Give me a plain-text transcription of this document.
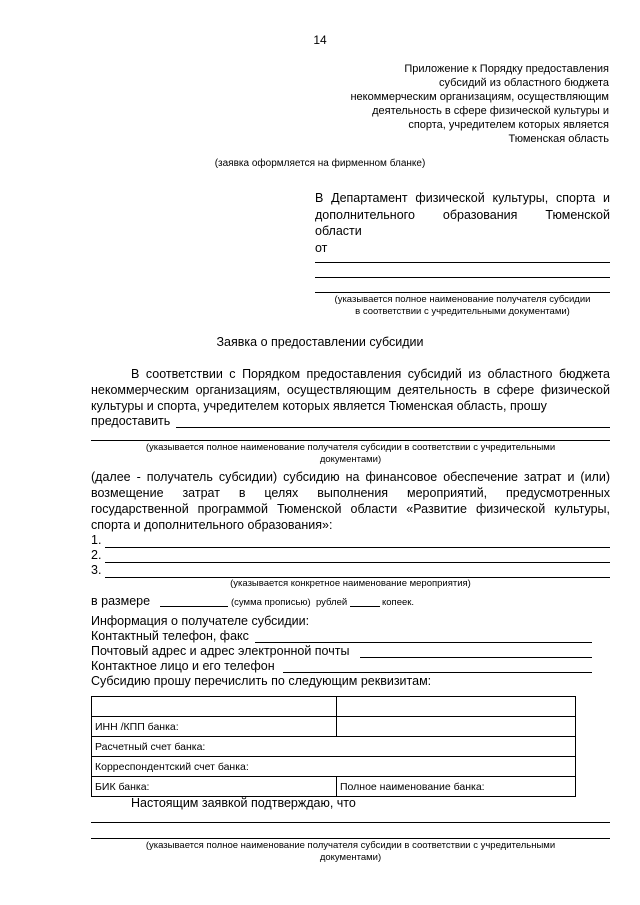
14
Приложение к Порядку предоставления
субсидий из областного бюджета
некоммерческим организациям, осуществляющим
деятельность в сфере физической культуры и
спорта, учредителем которых является
Тюменская область
(заявка оформляется на фирменном бланке)
В Департамент физической культуры, спорта и дополнительного образования Тюменской области
от
(указывается полное наименование получателя субсидии
в соответствии с учредительными документами)
Заявка о предоставлении субсидии
В соответствии с Порядком предоставления субсидий из областного бюджета некоммерческим организациям, осуществляющим деятельность в сфере физической культуры и спорта, учредителем которых является Тюменская область, прошу
предоставить
(указывается полное наименование получателя субсидии в соответствии с учредительными
документами)
(далее - получатель субсидии) субсидию на финансовое обеспечение затрат и (или) возмещение затрат в целях выполнения мероприятий, предусмотренных государственной программой Тюменской области «Развитие физической культуры, спорта и дополнительного образования»:
1.
2.
3.
(указывается конкретное наименование мероприятия)
в размере	(сумма прописью) рублей	копеек.
Информация о получателе субсидии:
Контактный телефон, факс
Почтовый адрес и адрес электронной почты
Контактное лицо и его телефон
Субсидию прошу перечислить по следующим реквизитам:

ИНН /КПП банка:	
Расчетный счет банка:	
Корреспондентский счет банка:	
БИК банка:	Полное наименование банка:
Настоящим заявкой подтверждаю, что
(указывается полное наименование получателя субсидии в соответствии с учредительными
документами)
